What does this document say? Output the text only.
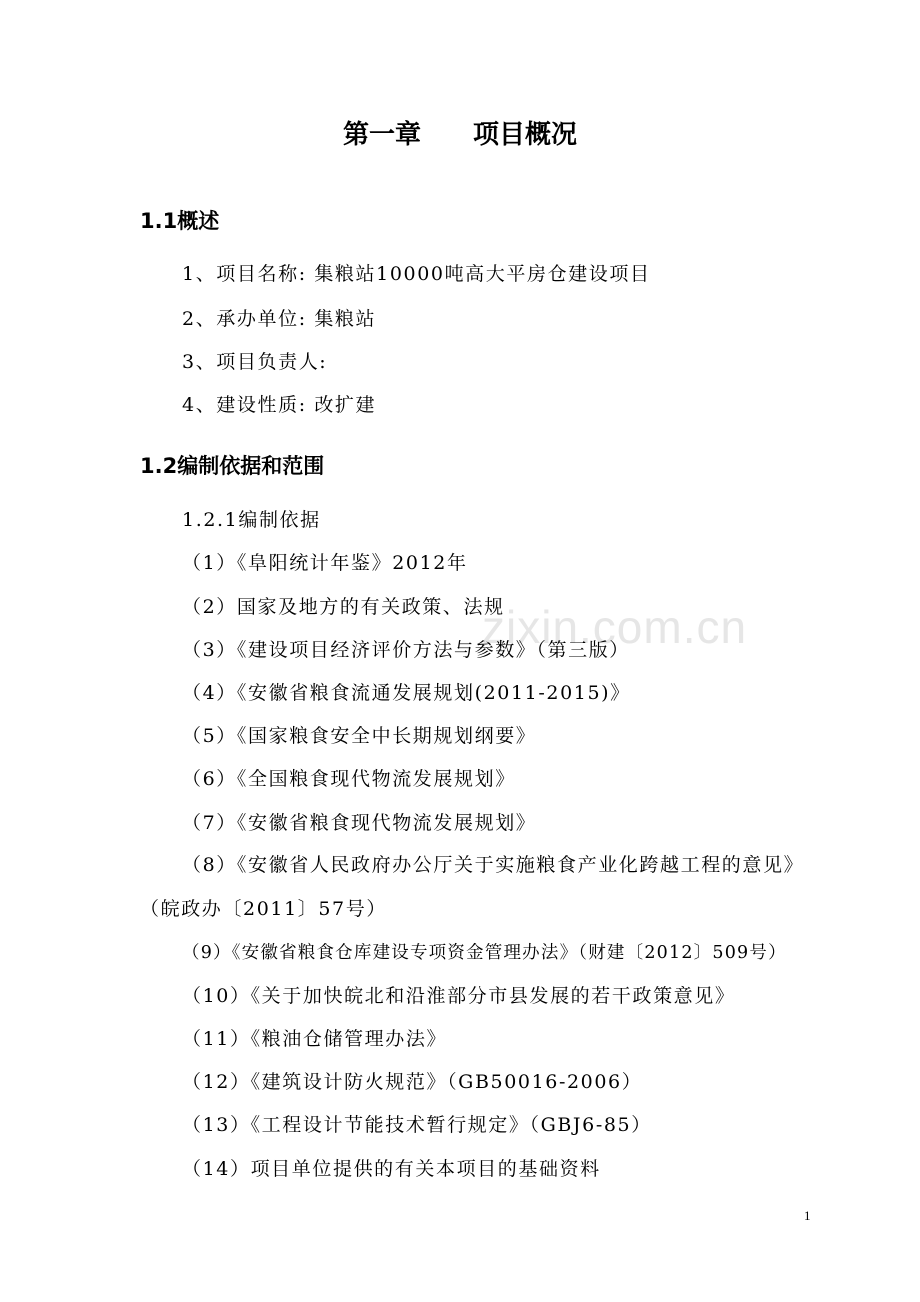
zixin.com.cn
第一章　　项目概况
1.1概述
1、项目名称: 集粮站10000吨高大平房仓建设项目
2、承办单位: 集粮站
3、项目负责人:
4、建设性质: 改扩建
1.2编制依据和范围
1.2.1编制依据
（1）《阜阳统计年鉴》2012年
（2）国家及地方的有关政策、法规
（3）《建设项目经济评价方法与参数》（第三版）
（4）《安徽省粮食流通发展规划(2011-2015)》
（5）《国家粮食安全中长期规划纲要》
（6）《全国粮食现代物流发展规划》
（7）《安徽省粮食现代物流发展规划》
（8）《安徽省人民政府办公厅关于实施粮食产业化跨越工程的意见》
（皖政办〔2011〕57号）
（9）《安徽省粮食仓库建设专项资金管理办法》（财建〔2012〕509号）
（10）《关于加快皖北和沿淮部分市县发展的若干政策意见》
（11）《粮油仓储管理办法》
（12）《建筑设计防火规范》（GB50016-2006）
（13）《工程设计节能技术暂行规定》（GBJ6-85）
（14）项目单位提供的有关本项目的基础资料
1
